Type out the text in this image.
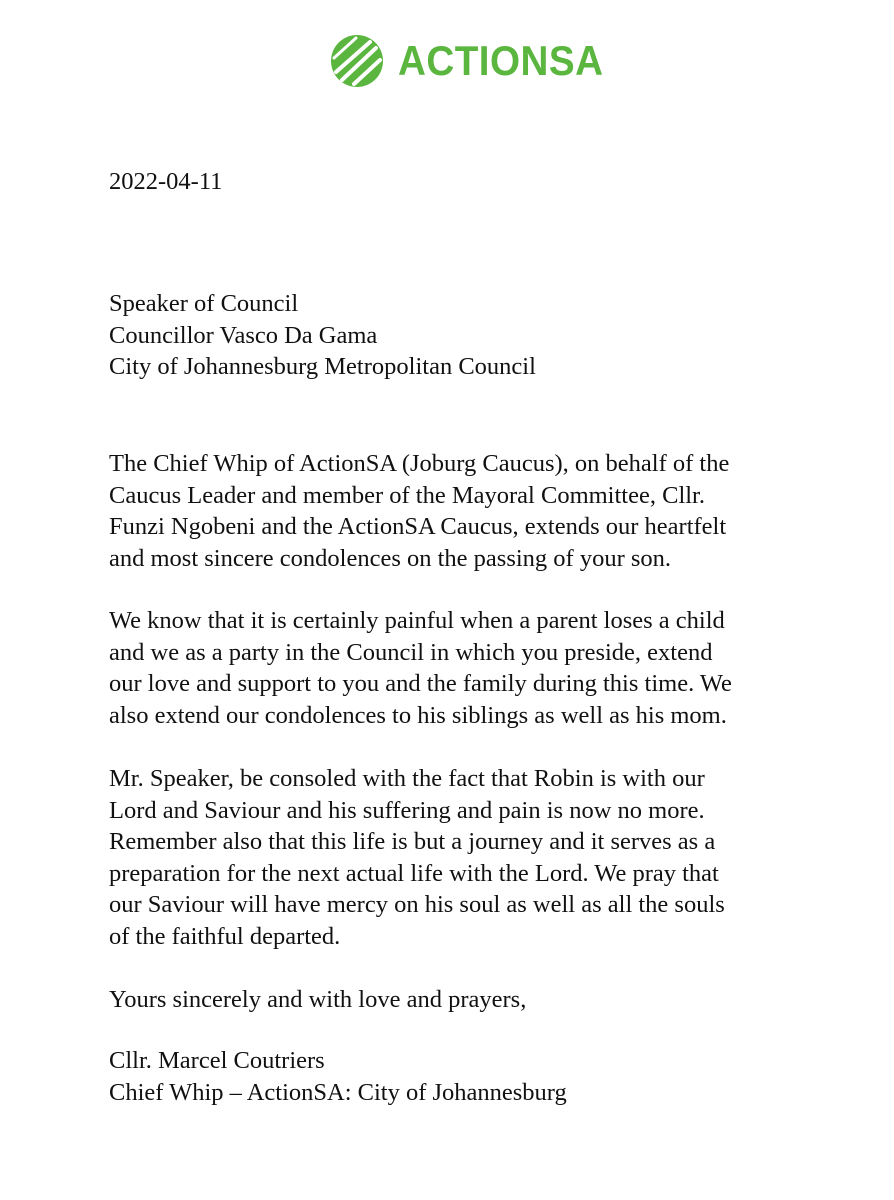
ACTIONSA
2022-04-11
Speaker of Council
Councillor Vasco Da Gama
City of Johannesburg Metropolitan Council
The Chief Whip of ActionSA (Joburg Caucus), on behalf of the
Caucus Leader and member of the Mayoral Committee, Cllr.
Funzi Ngobeni and the ActionSA Caucus, extends our heartfelt
and most sincere condolences on the passing of your son.
We know that it is certainly painful when a parent loses a child
and we as a party in the Council in which you preside, extend
our love and support to you and the family during this time. We
also extend our condolences to his siblings as well as his mom.
Mr. Speaker, be consoled with the fact that Robin is with our
Lord and Saviour and his suffering and pain is now no more.
Remember also that this life is but a journey and it serves as a
preparation for the next actual life with the Lord. We pray that
our Saviour will have mercy on his soul as well as all the souls
of the faithful departed.
Yours sincerely and with love and prayers,
Cllr. Marcel Coutriers
Chief Whip – ActionSA: City of Johannesburg
